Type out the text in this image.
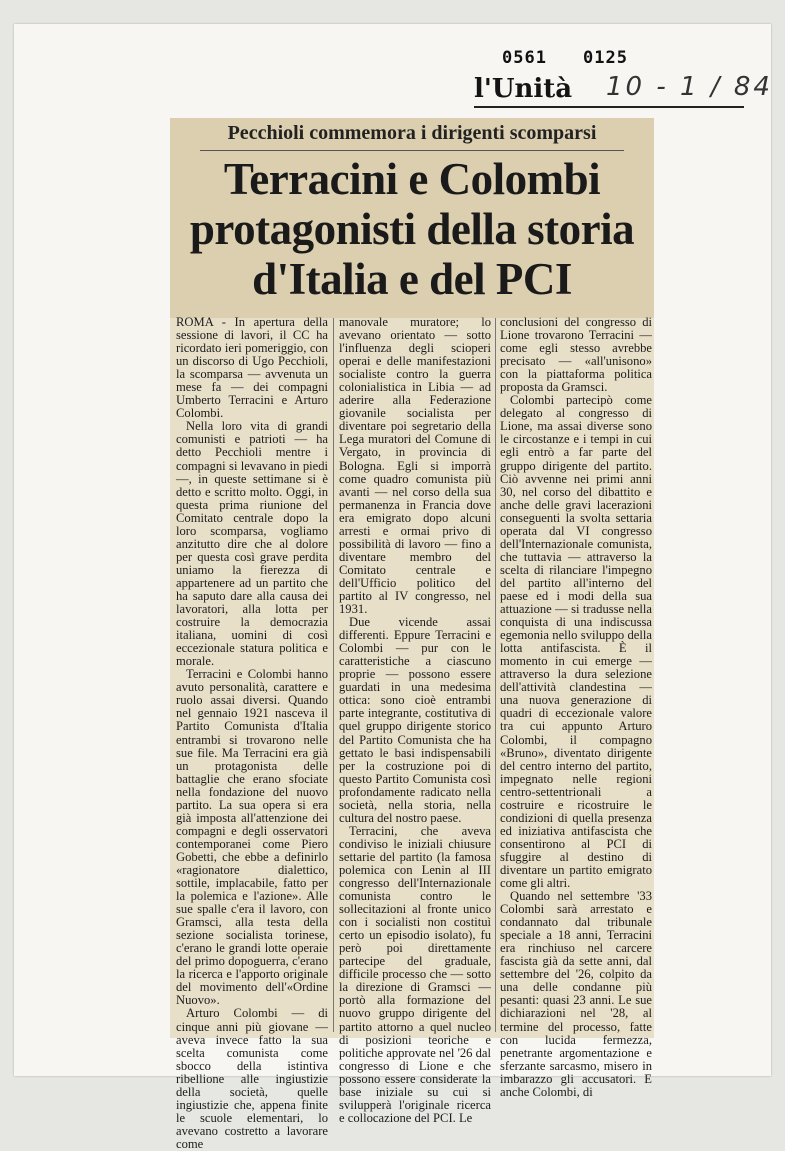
0561 0125
l'Unità 10 - 1 / 84
Pecchioli commemora i dirigenti scomparsi
Terracini e Colombi
protagonisti della storia
d'Italia e del PCI

ROMA - In apertura della sessione di lavori, il CC ha ricordato ieri pomeriggio, con un discorso di Ugo Pecchioli, la scomparsa — avvenuta un mese fa — dei compagni Umberto Terracini e Arturo Colombi.

Nella loro vita di grandi comunisti e patrioti — ha detto Pecchioli mentre i compagni si levavano in piedi —, in queste settimane si è detto e scritto molto. Oggi, in questa prima riunione del Comitato centrale dopo la loro scomparsa, vogliamo anzitutto dire che al dolore per questa così grave perdita uniamo la fierezza di appartenere ad un partito che ha saputo dare alla causa dei lavoratori, alla lotta per costruire la democrazia italiana, uomini di così eccezionale statura politica e morale.

Terracini e Colombi hanno avuto personalità, carattere e ruolo assai diversi. Quando nel gennaio 1921 nasceva il Partito Comunista d'Italia entrambi si trovarono nelle sue file. Ma Terracini era già un protagonista delle battaglie che erano sfociate nella fondazione del nuovo partito. La sua opera si era già imposta all'attenzione dei compagni e degli osservatori contemporanei come Piero Gobetti, che ebbe a definirlo «ragionatore dialettico, sottile, implacabile, fatto per la polemica e l'azione». Alle sue spalle c'era il lavoro, con Gramsci, alla testa della sezione socialista torinese, c'erano le grandi lotte operaie del primo dopoguerra, c'erano la ricerca e l'apporto originale del movimento dell'«Ordine Nuovo».

Arturo Colombi — di cinque anni più giovane — aveva invece fatto la sua scelta comunista come sbocco della istintiva ribellione alle ingiustizie della società, quelle ingiustizie che, appena finite le scuole elementari, lo avevano costretto a lavorare come

manovale muratore; lo avevano orientato — sotto l'influenza degli scioperi operai e delle manifestazioni socialiste contro la guerra colonialistica in Libia — ad aderire alla Federazione giovanile socialista per diventare poi segretario della Lega muratori del Comune di Vergato, in provincia di Bologna. Egli si imporrà come quadro comunista più avanti — nel corso della sua permanenza in Francia dove era emigrato dopo alcuni arresti e ormai privo di possibilità di lavoro — fino a diventare membro del Comitato centrale e dell'Ufficio politico del partito al IV congresso, nel 1931.

Due vicende assai differenti. Eppure Terracini e Colombi — pur con le caratteristiche a ciascuno proprie — possono essere guardati in una medesima ottica: sono cioè entrambi parte integrante, costitutiva di quel gruppo dirigente storico del Partito Comunista che ha gettato le basi indispensabili per la costruzione poi di questo Partito Comunista così profondamente radicato nella società, nella storia, nella cultura del nostro paese.

Terracini, che aveva condiviso le iniziali chiusure settarie del partito (la famosa polemica con Lenin al III congresso dell'Internazionale comunista contro le sollecitazioni al fronte unico con i socialisti non costituì certo un episodio isolato), fu però poi direttamente partecipe del graduale, difficile processo che — sotto la direzione di Gramsci — portò alla formazione del nuovo gruppo dirigente del partito attorno a quel nucleo di posizioni teoriche e politiche approvate nel '26 dal congresso di Lione e che possono essere considerate la base iniziale su cui si svilupperà l'originale ricerca e collocazione del PCI. Le

conclusioni del congresso di Lione trovarono Terracini — come egli stesso avrebbe precisato — «all'unisono» con la piattaforma politica proposta da Gramsci.

Colombi partecipò come delegato al congresso di Lione, ma assai diverse sono le circostanze e i tempi in cui egli entrò a far parte del gruppo dirigente del partito. Ciò avvenne nei primi anni 30, nel corso del dibattito e anche delle gravi lacerazioni conseguenti la svolta settaria operata dal VI congresso dell'Internazionale comunista, che tuttavia — attraverso la scelta di rilanciare l'impegno del partito all'interno del paese ed i modi della sua attuazione — si tradusse nella conquista di una indiscussa egemonia nello sviluppo della lotta antifascista. È il momento in cui emerge — attraverso la dura selezione dell'attività clandestina — una nuova generazione di quadri di eccezionale valore tra cui appunto Arturo Colombi, il compagno «Bruno», diventato dirigente del centro interno del partito, impegnato nelle regioni centro-settentrionali a costruire e ricostruire le condizioni di quella presenza ed iniziativa antifascista che consentirono al PCI di sfuggire al destino di diventare un partito emigrato come gli altri.

Quando nel settembre '33 Colombi sarà arrestato e condannato dal tribunale speciale a 18 anni, Terracini era rinchiuso nel carcere fascista già da sette anni, dal settembre del '26, colpito da una delle condanne più pesanti: quasi 23 anni. Le sue dichiarazioni nel '28, al termine del processo, fatte con lucida fermezza, penetrante argomentazione e sferzante sarcasmo, misero in imbarazzo gli accusatori. E anche Colombi, di
